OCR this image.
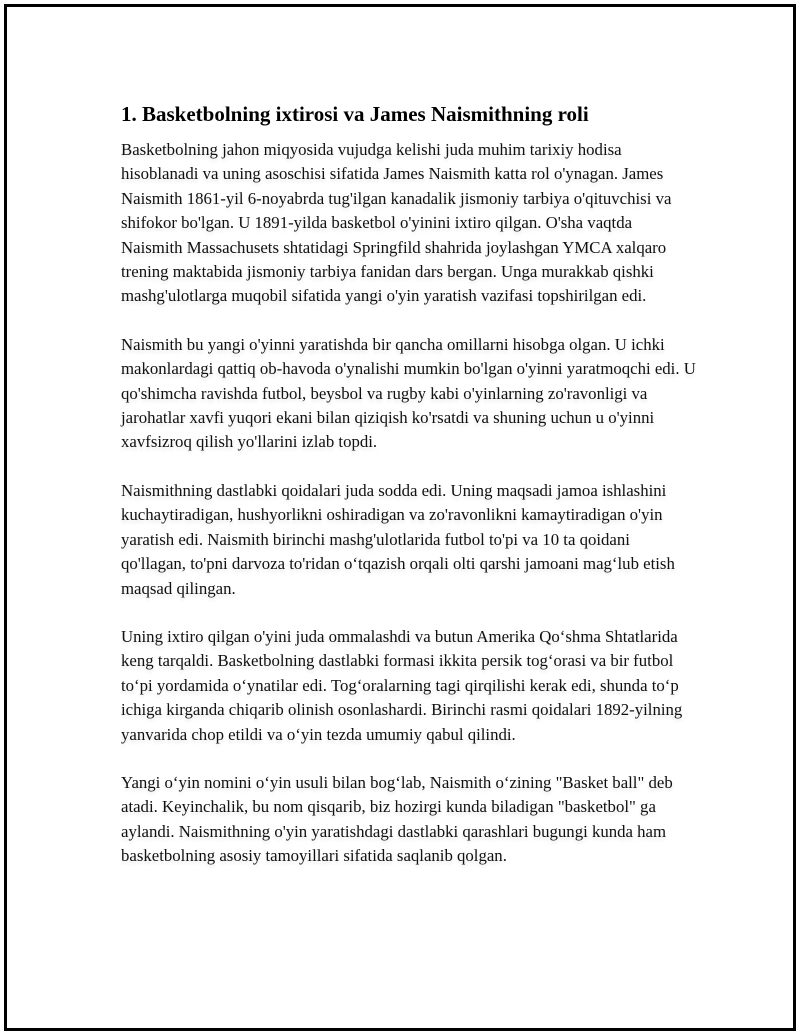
1. Basketbolning ixtirosi va James Naismithning roli

Basketbolning jahon miqyosida vujudga kelishi juda muhim tarixiy hodisa hisoblanadi va uning asoschisi sifatida James Naismith katta rol o'ynagan. James Naismith 1861-yil 6-noyabrda tug'ilgan kanadalik jismoniy tarbiya o'qituvchisi va shifokor bo'lgan. U 1891-yilda basketbol o'yinini ixtiro qilgan. O'sha vaqtda Naismith Massachusets shtatidagi Springfild shahrida joylashgan YMCA xalqaro trening maktabida jismoniy tarbiya fanidan dars bergan. Unga murakkab qishki mashg'ulotlarga muqobil sifatida yangi o'yin yaratish vazifasi topshirilgan edi.

Naismith bu yangi o'yinni yaratishda bir qancha omillarni hisobga olgan. U ichki makonlardagi qattiq ob-havoda o'ynalishi mumkin bo'lgan o'yinni yaratmoqchi edi. U qo'shimcha ravishda futbol, beysbol va rugby kabi o'yinlarning zo'ravonligi va jarohatlar xavfi yuqori ekani bilan qiziqish ko'rsatdi va shuning uchun u o'yinni xavfsizroq qilish yo'llarini izlab topdi.

Naismithning dastlabki qoidalari juda sodda edi. Uning maqsadi jamoa ishlashini kuchaytiradigan, hushyorlikni oshiradigan va zo'ravonlikni kamaytiradigan o'yin yaratish edi. Naismith birinchi mashg'ulotlarida futbol to'pi va 10 ta qoidani qo'llagan, to'pni darvoza to'ridan o‘tqazish orqali olti qarshi jamoani mag‘lub etish maqsad qilingan.

Uning ixtiro qilgan o'yini juda ommalashdi va butun Amerika Qo‘shma Shtatlarida keng tarqaldi. Basketbolning dastlabki formasi ikkita persik tog‘orasi va bir futbol to‘pi yordamida o‘ynatilar edi. Tog‘oralarning tagi qirqilishi kerak edi, shunda to‘p ichiga kirganda chiqarib olinish osonlashardi. Birinchi rasmi qoidalari 1892-yilning yanvarida chop etildi va o‘yin tezda umumiy qabul qilindi.

Yangi o‘yin nomini o‘yin usuli bilan bog‘lab, Naismith o‘zining "Basket ball" deb atadi. Keyinchalik, bu nom qisqarib, biz hozirgi kunda biladigan "basketbol" ga aylandi. Naismithning o'yin yaratishdagi dastlabki qarashlari bugungi kunda ham basketbolning asosiy tamoyillari sifatida saqlanib qolgan.
